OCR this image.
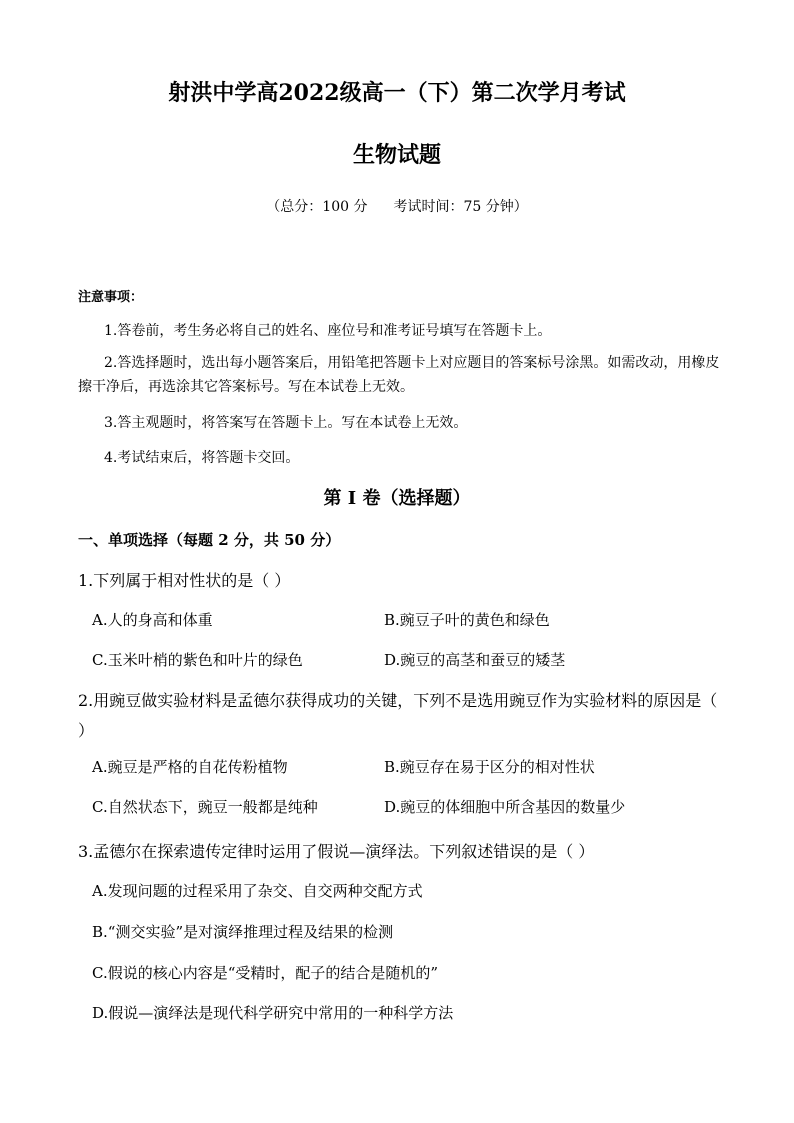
射洪中学高2022级高一（下）第二次学月考试
生物试题
（总分：100 分 考试时间：75 分钟）
注意事项：
1.答卷前，考生务必将自己的姓名、座位号和准考证号填写在答题卡上。
2.答选择题时，选出每小题答案后，用铅笔把答题卡上对应题目的答案标号涂黑。如需改动，用橡皮擦干净后，再选涂其它答案标号。写在本试卷上无效。
3.答主观题时，将答案写在答题卡上。写在本试卷上无效。
4.考试结束后，将答题卡交回。
第 I 卷（选择题）
一、单项选择（每题 2 分，共 50 分）
1.下列属于相对性状的是（ ）
A.人的身高和体重	B.豌豆子叶的黄色和绿色
C.玉米叶梢的紫色和叶片的绿色	D.豌豆的高茎和蚕豆的矮茎
2.用豌豆做实验材料是孟德尔获得成功的关键，下列不是选用豌豆作为实验材料的原因是（ ）
A.豌豆是严格的自花传粉植物	B.豌豆存在易于区分的相对性状
C.自然状态下，豌豆一般都是纯种	D.豌豆的体细胞中所含基因的数量少
3.孟德尔在探索遗传定律时运用了假说—演绎法。下列叙述错误的是（ ）
A.发现问题的过程采用了杂交、自交两种交配方式
B.“测交实验”是对演绎推理过程及结果的检测
C.假说的核心内容是“受精时，配子的结合是随机的”
D.假说—演绎法是现代科学研究中常用的一种科学方法
